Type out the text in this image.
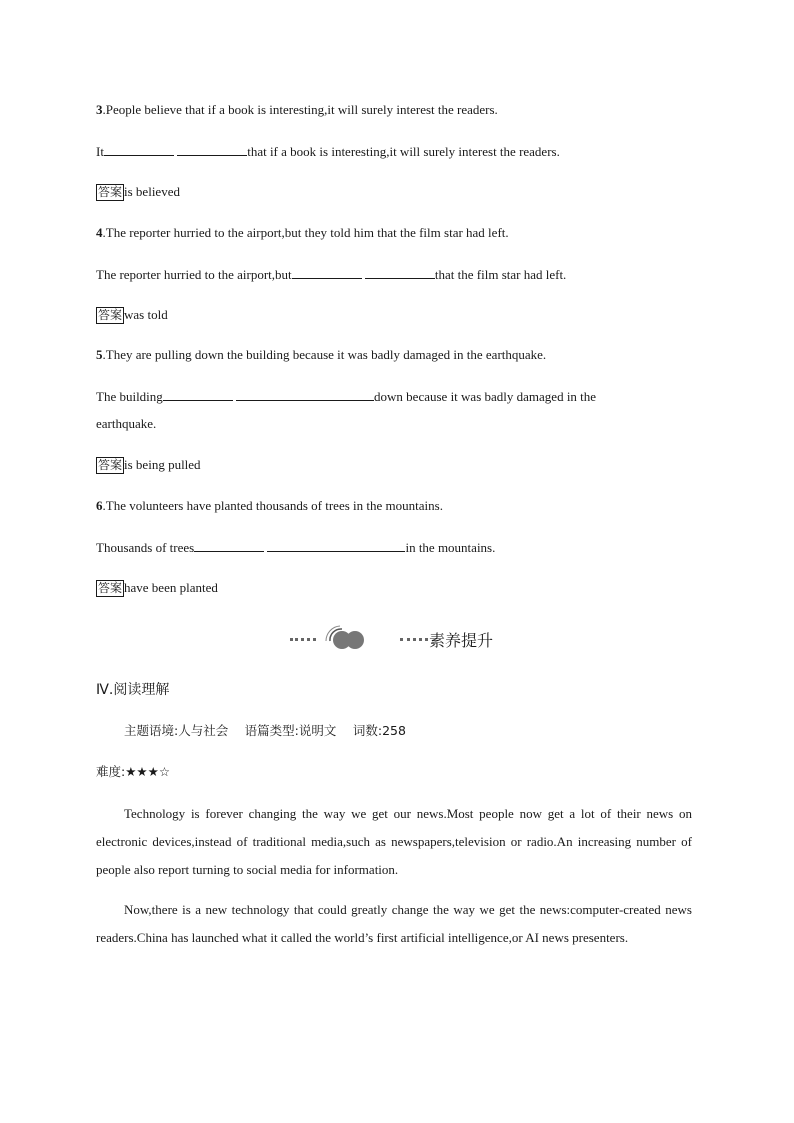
3.People believe that if a book is interesting,it will surely interest the readers.
It	that if a book is interesting,it will surely interest the readers.
答案 is believed
4.The reporter hurried to the airport,but they told him that the film star had left.
The reporter hurried to the airport,but	that the film star had left.
答案 was told
5.They are pulling down the building because it was badly damaged in the earthquake.
The building	down because it was badly damaged in the
earthquake.
答案 is being pulled
6.The volunteers have planted thousands of trees in the mountains.
Thousands of trees	in the mountains.
答案 have been planted
素养提升
Ⅳ.阅读理解
主题语境:人与社会　 语篇类型:说明文　 词数:258
难度:★★★☆
Technology is forever changing the way we get our news.Most people now get a lot of their news on electronic devices,instead of traditional media,such as newspapers,television or radio.An increasing number of people also report turning to social media for information.
Now,there is a new technology that could greatly change the way we get the news:computer-created news readers.China has launched what it called the world’s first artificial intelligence,or AI news presenters.
